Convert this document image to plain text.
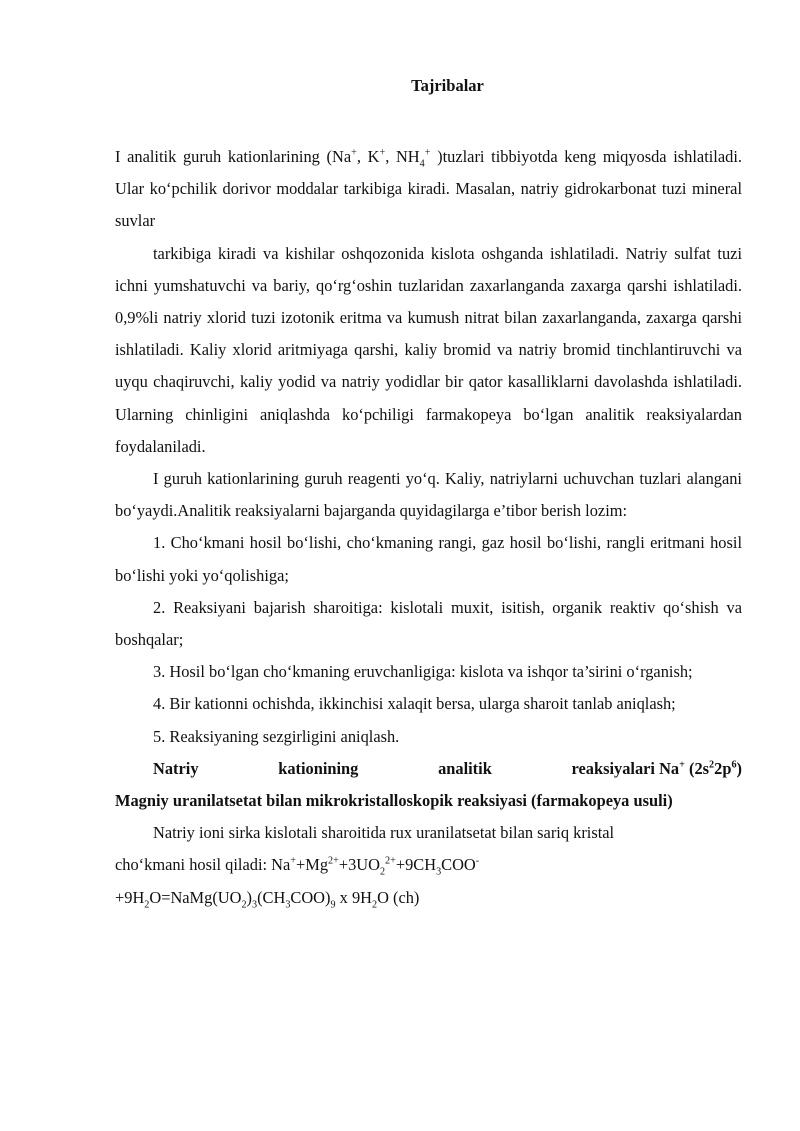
Tajribalar

I analitik guruh kationlarining (Na+, K+, $NH_4^+$ )tuzlari tibbiyotda keng miqyosda ishlatiladi. Ular ko‘pchilik dorivor moddalar tarkibiga kiradi. Masalan, natriy gidrokarbonat tuzi mineral suvlar

tarkibiga kiradi va kishilar oshqozonida kislota oshganda ishlatiladi. Natriy sulfat tuzi ichni yumshatuvchi va bariy, qo‘rg‘oshin tuzlaridan zaxarlanganda zaxarga qarshi ishlatiladi. 0,9%li natriy xlorid tuzi izotonik eritma va kumush nitrat bilan zaxarlanganda, zaxarga qarshi ishlatiladi. Kaliy xlorid aritmiyaga qarshi, kaliy bromid va natriy bromid tinchlantiruvchi va uyqu chaqiruvchi, kaliy yodid va natriy yodidlar bir qator kasalliklarni davolashda ishlatiladi. Ularning chinligini aniqlashda ko‘pchiligi farmakopeya bo‘lgan analitik reaksiyalardan foydalaniladi.

I guruh kationlarining guruh reagenti yo‘q. Kaliy, natriylarni uchuvchan tuzlari alangani bo‘yaydi.Analitik reaksiyalarni bajarganda quyidagilarga e’tibor berish lozim:

1. Cho‘kmani hosil bo‘lishi, cho‘kmaning rangi, gaz hosil bo‘lishi, rangli eritmani hosil bo‘lishi yoki yo‘qolishiga;

2. Reaksiyani bajarish sharoitiga: kislotali muxit, isitish, organik reaktiv qo‘shish va boshqalar;

3. Hosil bo‘lgan cho‘kmaning eruvchanligiga: kislota va ishqor ta’sirini o‘rganish;

4. Bir kationni ochishda, ikkinchisi xalaqit bersa, ularga sharoit tanlab aniqlash;

5. Reaksiyaning sezgirligini aniqlash.

Natriy	kationining	analitik	reaksiyalari Na+ $(2s^22p^6)$

Magniy uranilatsetat bilan mikrokristalloskopik reaksiyasi (farmakopeya usuli)

Natriy ioni sirka kislotali sharoitida rux uranilatsetat bilan sariq kristal

cho‘kmani hosil qiladi: $Na^++Mg^{2+}+3UO_2^{2+}+9CH_3COO^-$

$+9H_2O=NaMg(UO_2)_3(CH_3COO)_9$ x $9H_2O$ (ch)
